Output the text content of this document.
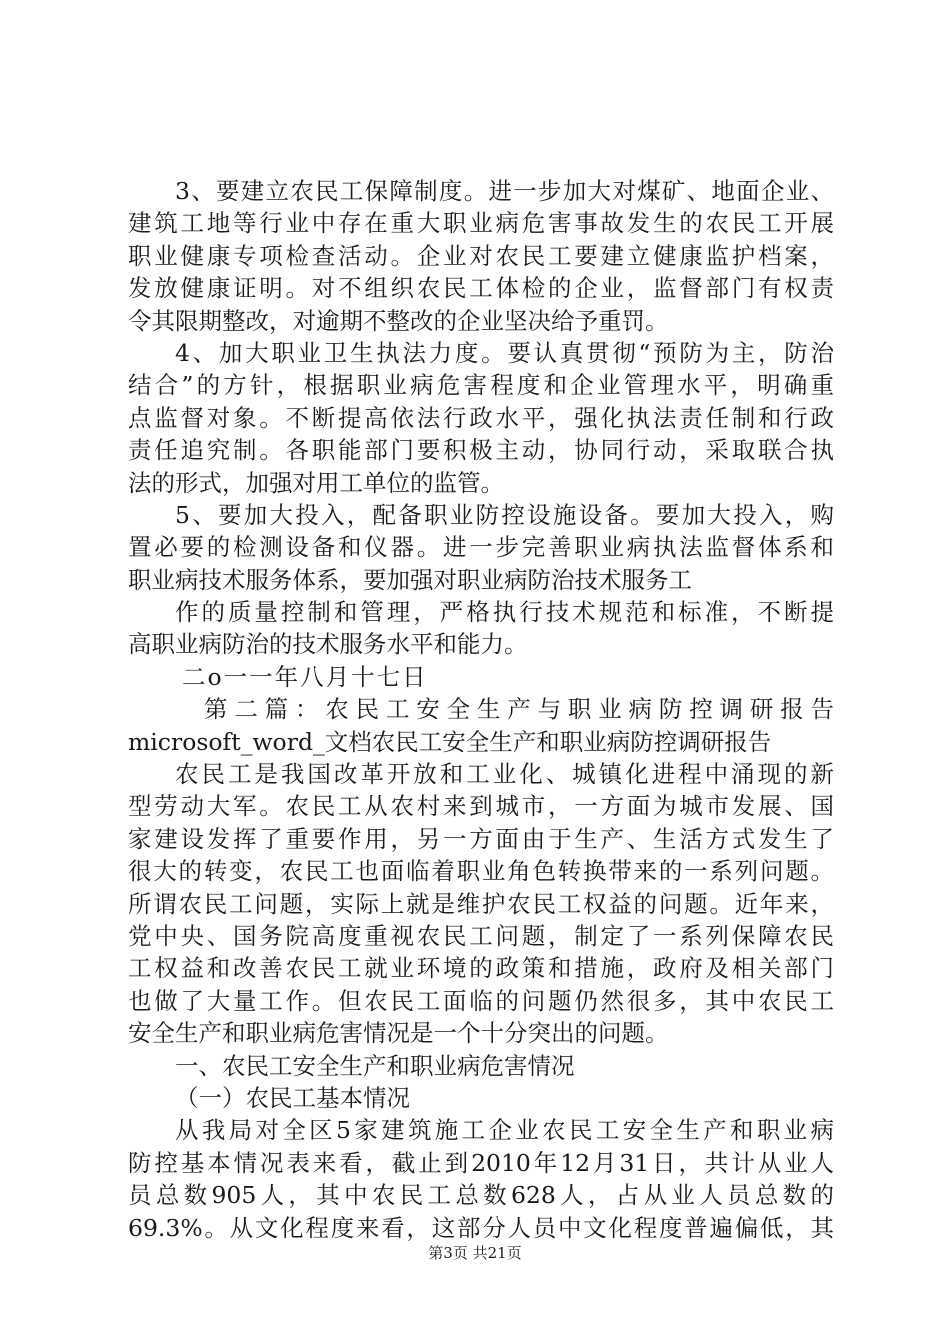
3、要建立农民工保障制度。进一步加大对煤矿、地面企业、
建筑工地等行业中存在重大职业病危害事故发生的农民工开展
职业健康专项检查活动。企业对农民工要建立健康监护档案，
发放健康证明。对不组织农民工体检的企业，监督部门有权责
令其限期整改，对逾期不整改的企业坚决给予重罚。
4、加大职业卫生执法力度。要认真贯彻“预防为主，防治
结合”的方针，根据职业病危害程度和企业管理水平，明确重
点监督对象。不断提高依法行政水平，强化执法责任制和行政
责任追究制。各职能部门要积极主动，协同行动，采取联合执
法的形式，加强对用工单位的监管。
5、要加大投入，配备职业防控设施设备。要加大投入，购
置必要的检测设备和仪器。进一步完善职业病执法监督体系和
职业病技术服务体系，要加强对职业病防治技术服务工
作的质量控制和管理，严格执行技术规范和标准，不断提
高职业病防治的技术服务水平和能力。
二o一一年八月十七日
第二篇：农民工安全生产与职业病防控调研报告
microsoft_word_文档农民工安全生产和职业病防控调研报告
农民工是我国改革开放和工业化、城镇化进程中涌现的新
型劳动大军。农民工从农村来到城市，一方面为城市发展、国
家建设发挥了重要作用，另一方面由于生产、生活方式发生了
很大的转变，农民工也面临着职业角色转换带来的一系列问题。
所谓农民工问题，实际上就是维护农民工权益的问题。近年来，
党中央、国务院高度重视农民工问题，制定了一系列保障农民
工权益和改善农民工就业环境的政策和措施，政府及相关部门
也做了大量工作。但农民工面临的问题仍然很多，其中农民工
安全生产和职业病危害情况是一个十分突出的问题。
一、农民工安全生产和职业病危害情况
（一）农民工基本情况
从我局对全区5家建筑施工企业农民工安全生产和职业病
防控基本情况表来看，截止到2010年12月31日，共计从业人
员总数905人，其中农民工总数628人，占从业人员总数的
69.3%。从文化程度来看，这部分人员中文化程度普遍偏低，其
第3页 共21页
